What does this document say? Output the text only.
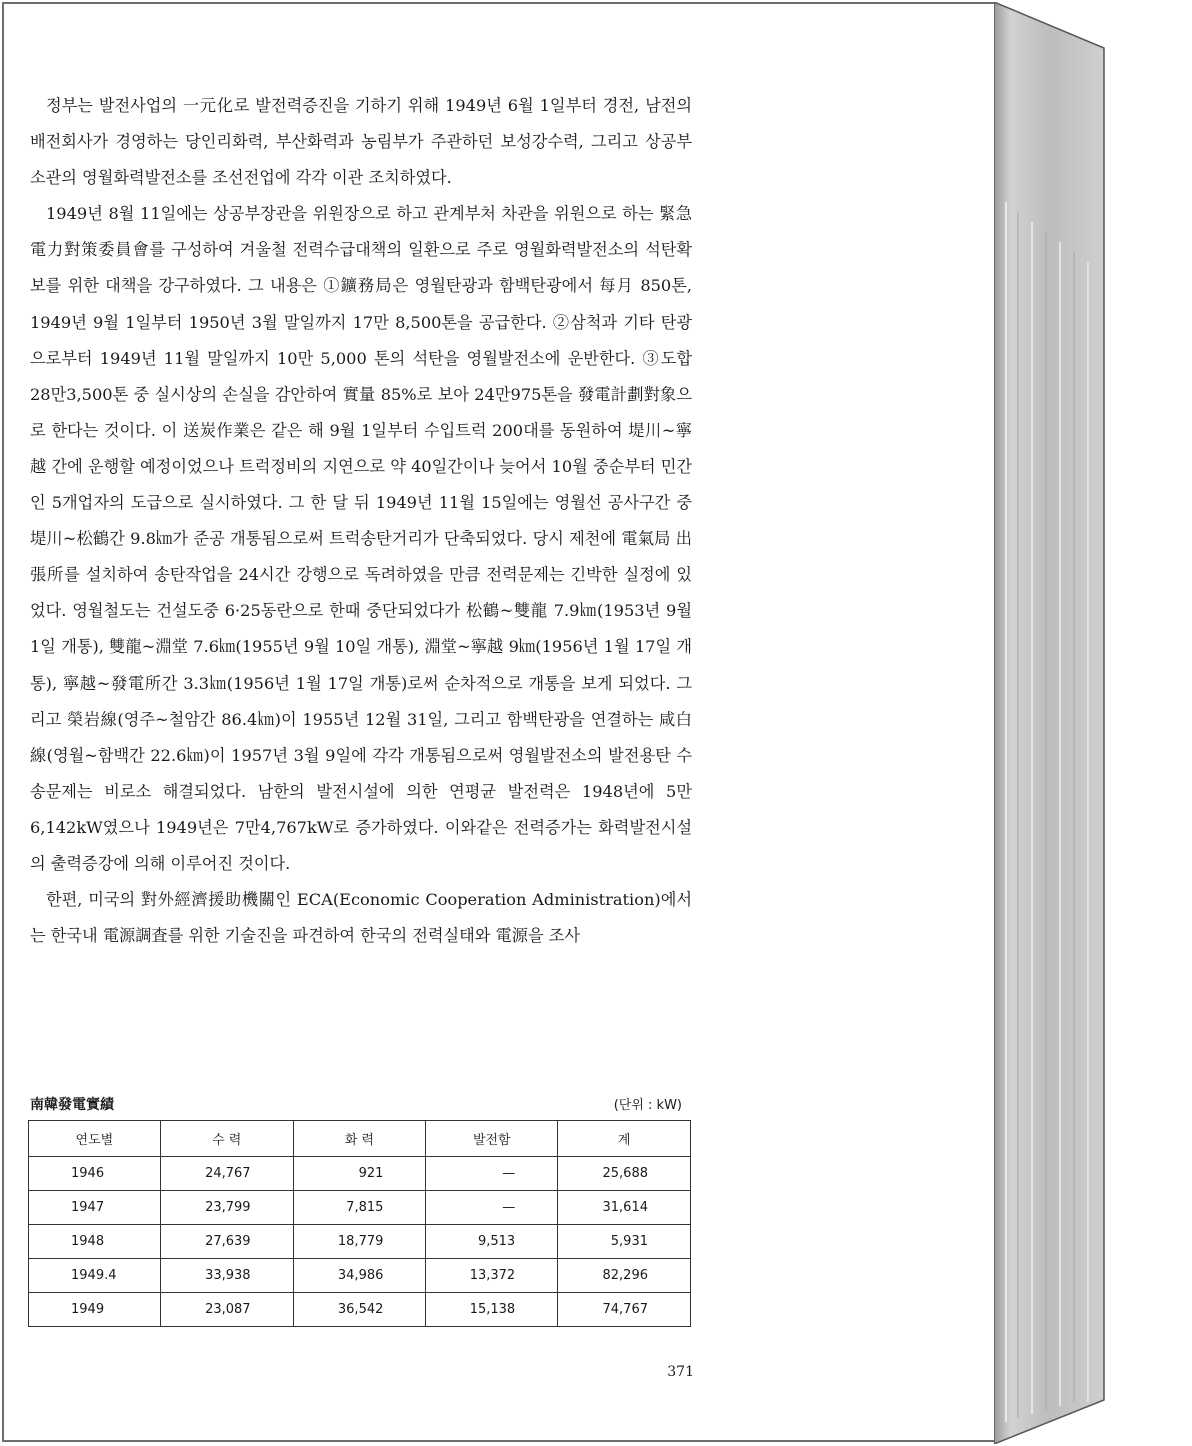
정부는 발전사업의 一元化로 발전력증진을 기하기 위해 1949년 6월 1일부터 경전, 남전의 배전회사가 경영하는 당인리화력, 부산화력과 농림부가 주관하던 보성강수력, 그리고 상공부 소관의 영월화력발전소를 조선전업에 각각 이관 조치하였다.

1949년 8월 11일에는 상공부장관을 위원장으로 하고 관계부처 차관을 위원으로 하는 緊急電力對策委員會를 구성하여 겨울철 전력수급대책의 일환으로 주로 영월화력발전소의 석탄확보를 위한 대책을 강구하였다. 그 내용은 ①鑛務局은 영월탄광과 함백탄광에서 每月 850톤, 1949년 9월 1일부터 1950년 3월 말일까지 17만 8,500톤을 공급한다. ②삼척과 기타 탄광으로부터 1949년 11월 말일까지 10만 5,000 톤의 석탄을 영월발전소에 운반한다. ③도합 28만3,500톤 중 실시상의 손실을 감안하여 實量 85%로 보아 24만975톤을 發電計劃對象으로 한다는 것이다. 이 送炭作業은 같은 해 9월 1일부터 수입트럭 200대를 동원하여 堤川~寧越 간에 운행할 예정이었으나 트럭정비의 지연으로 약 40일간이나 늦어서 10월 중순부터 민간인 5개업자의 도급으로 실시하였다. 그 한 달 뒤 1949년 11월 15일에는 영월선 공사구간 중 堤川~松鶴간 9.8㎞가 준공 개통됨으로써 트럭송탄거리가 단축되었다. 당시 제천에 電氣局 出張所를 설치하여 송탄작업을 24시간 강행으로 독려하였을 만큼 전력문제는 긴박한 실정에 있었다. 영월철도는 건설도중 6·25동란으로 한때 중단되었다가 松鶴~雙龍 7.9㎞(1953년 9월 1일 개통), 雙龍~淵堂 7.6㎞(1955년 9월 10일 개통), 淵堂~寧越 9㎞(1956년 1월 17일 개통), 寧越~發電所간 3.3㎞(1956년 1월 17일 개통)로써 순차적으로 개통을 보게 되었다. 그리고 榮岩線(영주~철암간 86.4㎞)이 1955년 12월 31일, 그리고 함백탄광을 연결하는 咸白線(영월~함백간 22.6㎞)이 1957년 3월 9일에 각각 개통됨으로써 영월발전소의 발전용탄 수송문제는 비로소 해결되었다. 남한의 발전시설에 의한 연평균 발전력은 1948년에 5만6,142kW였으나 1949년은 7만4,767kW로 증가하였다. 이와같은 전력증가는 화력발전시설의 출력증강에 의해 이루어진 것이다.

한편, 미국의 對外經濟援助機關인 ECA(Economic Cooperation Administration)에서는 한국내 電源調査를 위한 기술진을 파견하여 한국의 전력실태와 電源을 조사

南韓發電實績	(단위 : kW)
연도별	수 력	화 력	발전함	계
1946	24,767	921	—	25,688
1947	23,799	7,815	—	31,614
1948	27,639	18,779	9,513	5,931
1949.4	33,938	34,986	13,372	82,296
1949	23,087	36,542	15,138	74,767
371
